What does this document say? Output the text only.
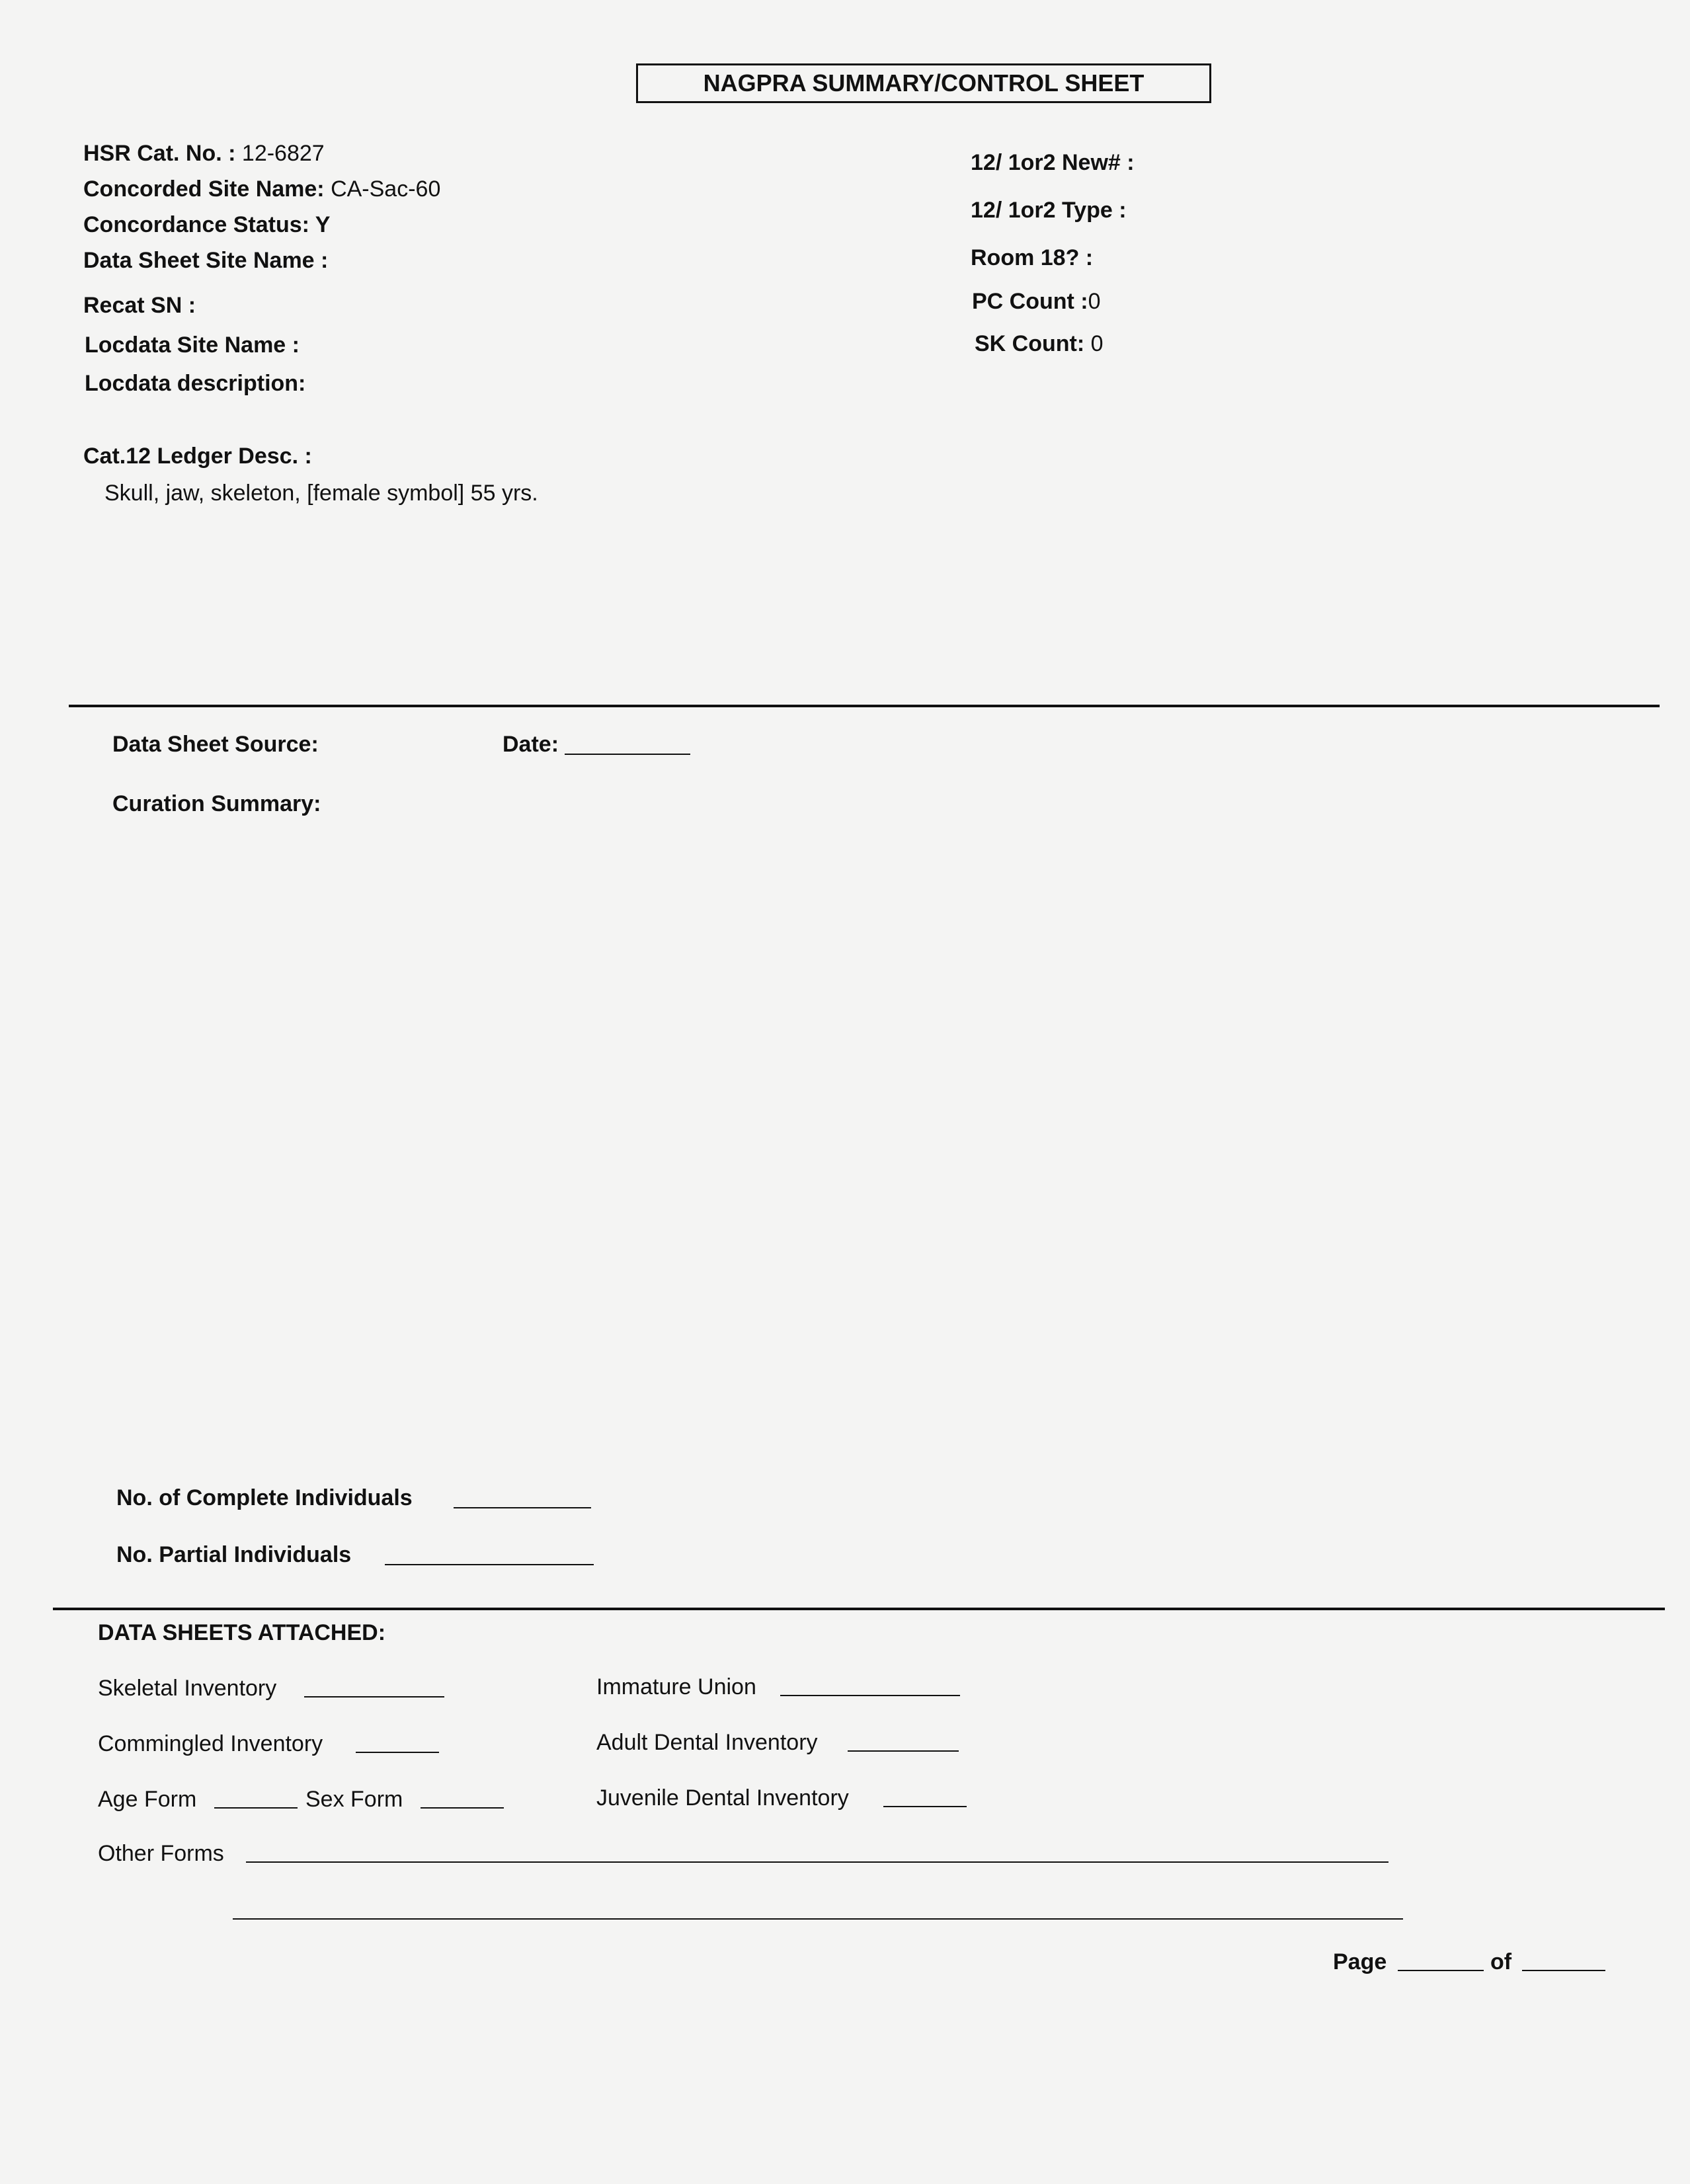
NAGPRA SUMMARY/CONTROL SHEET
HSR Cat. No. : 12-6827
Concorded Site Name: CA-Sac-60
Concordance Status: Y
Data Sheet Site Name :
Recat SN :
Locdata Site Name :
Locdata description:
Cat.12 Ledger Desc. :
Skull, jaw, skeleton, [female symbol] 55 yrs.
12/ 1or2 New# :
12/ 1or2 Type :
Room 18? :
PC Count :0
SK Count: 0
Data Sheet Source:	Date:
Curation Summary:
No. of Complete Individuals
No. Partial Individuals
DATA SHEETS ATTACHED:
Skeletal Inventory
Commingled Inventory
Age Form	Sex Form
Other Forms
Immature Union
Adult Dental Inventory
Juvenile Dental Inventory
Page	of
